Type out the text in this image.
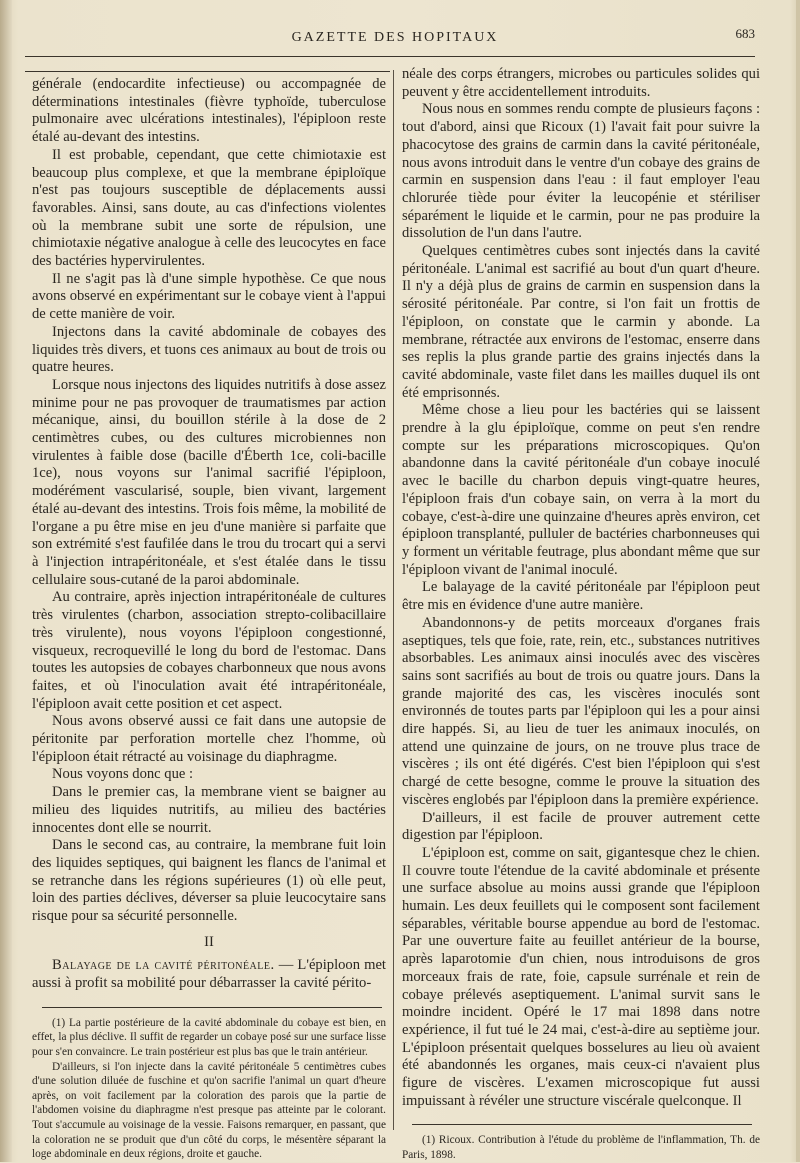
GAZETTE DES HOPITAUX	683

générale (endocardite infectieuse) ou accompagnée de déterminations intestinales (fièvre typhoïde, tuberculose pulmonaire avec ulcérations intestinales), l'épiploon reste étalé au-devant des intestins.

Il est probable, cependant, que cette chimiotaxie est beaucoup plus complexe, et que la membrane épiploïque n'est pas toujours susceptible de déplacements aussi favorables. Ainsi, sans doute, au cas d'infections violentes où la membrane subit une sorte de répulsion, une chimiotaxie négative analogue à celle des leucocytes en face des bactéries hypervirulentes.

Il ne s'agit pas là d'une simple hypothèse. Ce que nous avons observé en expérimentant sur le cobaye vient à l'appui de cette manière de voir.

Injectons dans la cavité abdominale de cobayes des liquides très divers, et tuons ces animaux au bout de trois ou quatre heures.

Lorsque nous injectons des liquides nutritifs à dose assez minime pour ne pas provoquer de traumatismes par action mécanique, ainsi, du bouillon stérile à la dose de 2 centimètres cubes, ou des cultures microbiennes non virulentes à faible dose (bacille d'Éberth 1ce, coli-bacille 1ce), nous voyons sur l'animal sacrifié l'épiploon, modérément vascularisé, souple, bien vivant, largement étalé au-devant des intestins. Trois fois même, la mobilité de l'organe a pu être mise en jeu d'une manière si parfaite que son extrémité s'est faufilée dans le trou du trocart qui a servi à l'injection intrapéritonéale, et s'est étalée dans le tissu cellulaire sous-cutané de la paroi abdominale.

Au contraire, après injection intrapéritonéale de cultures très virulentes (charbon, association strepto-colibacillaire très virulente), nous voyons l'épiploon congestionné, visqueux, recroquevillé le long du bord de l'estomac. Dans toutes les autopsies de cobayes charbonneux que nous avons faites, et où l'inoculation avait été intrapéritonéale, l'épiploon avait cette position et cet aspect.

Nous avons observé aussi ce fait dans une autopsie de péritonite par perforation mortelle chez l'homme, où l'épiploon était rétracté au voisinage du diaphragme.

Nous voyons donc que :

Dans le premier cas, la membrane vient se baigner au milieu des liquides nutritifs, au milieu des bactéries innocentes dont elle se nourrit.

Dans le second cas, au contraire, la membrane fuit loin des liquides septiques, qui baignent les flancs de l'animal et se retranche dans les régions supérieures (1) où elle peut, loin des parties déclives, déverser sa pluie leucocytaire sans risque pour sa sécurité personnelle.

II

Balayage de la cavité péritonéale. — L'épiploon met aussi à profit sa mobilité pour débarrasser la cavité périto-

(1) La partie postérieure de la cavité abdominale du cobaye est bien, en effet, la plus déclive. Il suffit de regarder un cobaye posé sur une surface lisse pour s'en convaincre. Le train postérieur est plus bas que le train antérieur.

D'ailleurs, si l'on injecte dans la cavité péritonéale 5 centimètres cubes d'une solution diluée de fuschine et qu'on sacrifie l'animal un quart d'heure après, on voit facilement par la coloration des parois que la partie de l'abdomen voisine du diaphragme n'est presque pas atteinte par le colorant. Tout s'accumule au voisinage de la vessie. Faisons remarquer, en passant, que la coloration ne se produit que d'un côté du corps, le mésentère séparant la loge abdominale en deux régions, droite et gauche.

néale des corps étrangers, microbes ou particules solides qui peuvent y être accidentellement introduits.

Nous nous en sommes rendu compte de plusieurs façons : tout d'abord, ainsi que Ricoux (1) l'avait fait pour suivre la phacocytose des grains de carmin dans la cavité péritonéale, nous avons introduit dans le ventre d'un cobaye des grains de carmin en suspension dans l'eau : il faut employer l'eau chlorurée tiède pour éviter la leucopénie et stériliser séparément le liquide et le carmin, pour ne pas produire la dissolution de l'un dans l'autre.

Quelques centimètres cubes sont injectés dans la cavité péritonéale. L'animal est sacrifié au bout d'un quart d'heure. Il n'y a déjà plus de grains de carmin en suspension dans la sérosité péritonéale. Par contre, si l'on fait un frottis de l'épiploon, on constate que le carmin y abonde. La membrane, rétractée aux environs de l'estomac, enserre dans ses replis la plus grande partie des grains injectés dans la cavité abdominale, vaste filet dans les mailles duquel ils ont été emprisonnés.

Même chose a lieu pour les bactéries qui se laissent prendre à la glu épiploïque, comme on peut s'en rendre compte sur les préparations microscopiques. Qu'on abandonne dans la cavité péritonéale d'un cobaye inoculé avec le bacille du charbon depuis vingt-quatre heures, l'épiploon frais d'un cobaye sain, on verra à la mort du cobaye, c'est-à-dire une quinzaine d'heures après environ, cet épiploon transplanté, pulluler de bactéries charbonneuses qui y forment un véritable feutrage, plus abondant même que sur l'épiploon vivant de l'animal inoculé.

Le balayage de la cavité péritonéale par l'épiploon peut être mis en évidence d'une autre manière.

Abandonnons-y de petits morceaux d'organes frais aseptiques, tels que foie, rate, rein, etc., substances nutritives absorbables. Les animaux ainsi inoculés avec des viscères sains sont sacrifiés au bout de trois ou quatre jours. Dans la grande majorité des cas, les viscères inoculés sont environnés de toutes parts par l'épiploon qui les a pour ainsi dire happés. Si, au lieu de tuer les animaux inoculés, on attend une quinzaine de jours, on ne trouve plus trace de viscères ; ils ont été digérés. C'est bien l'épiploon qui s'est chargé de cette besogne, comme le prouve la situation des viscères englobés par l'épiploon dans la première expérience.

D'ailleurs, il est facile de prouver autrement cette digestion par l'épiploon.

L'épiploon est, comme on sait, gigantesque chez le chien. Il couvre toute l'étendue de la cavité abdominale et présente une surface absolue au moins aussi grande que l'épiploon humain. Les deux feuillets qui le composent sont facilement séparables, véritable bourse appendue au bord de l'estomac. Par une ouverture faite au feuillet antérieur de la bourse, après laparotomie d'un chien, nous introduisons de gros morceaux frais de rate, foie, capsule surrénale et rein de cobaye prélevés aseptiquement. L'animal survit sans le moindre incident. Opéré le 17 mai 1898 dans notre expérience, il fut tué le 24 mai, c'est-à-dire au septième jour. L'épiploon présentait quelques bosselures au lieu où avaient été abandonnés les organes, mais ceux-ci n'avaient plus figure de viscères. L'examen microscopique fut aussi impuissant à révéler une structure viscérale quelconque. Il

(1) Ricoux. Contribution à l'étude du problème de l'inflammation, Th. de Paris, 1898.
